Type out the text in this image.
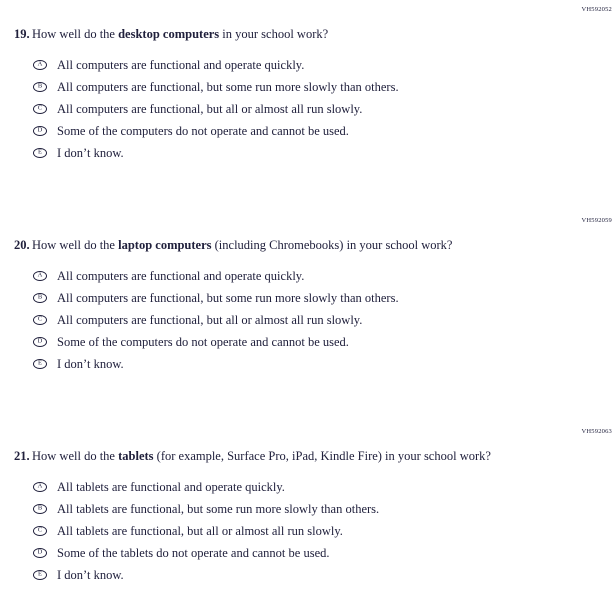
VH592052
19. How well do the desktop computers in your school work?
A All computers are functional and operate quickly.
B All computers are functional, but some run more slowly than others.
C All computers are functional, but all or almost all run slowly.
D Some of the computers do not operate and cannot be used.
E I don’t know.
VH592059
20. How well do the laptop computers (including Chromebooks) in your school work?
A All computers are functional and operate quickly.
B All computers are functional, but some run more slowly than others.
C All computers are functional, but all or almost all run slowly.
D Some of the computers do not operate and cannot be used.
E I don’t know.
VH592063
21. How well do the tablets (for example, Surface Pro, iPad, Kindle Fire) in your school work?
A All tablets are functional and operate quickly.
B All tablets are functional, but some run more slowly than others.
C All tablets are functional, but all or almost all run slowly.
D Some of the tablets do not operate and cannot be used.
E I don’t know.
